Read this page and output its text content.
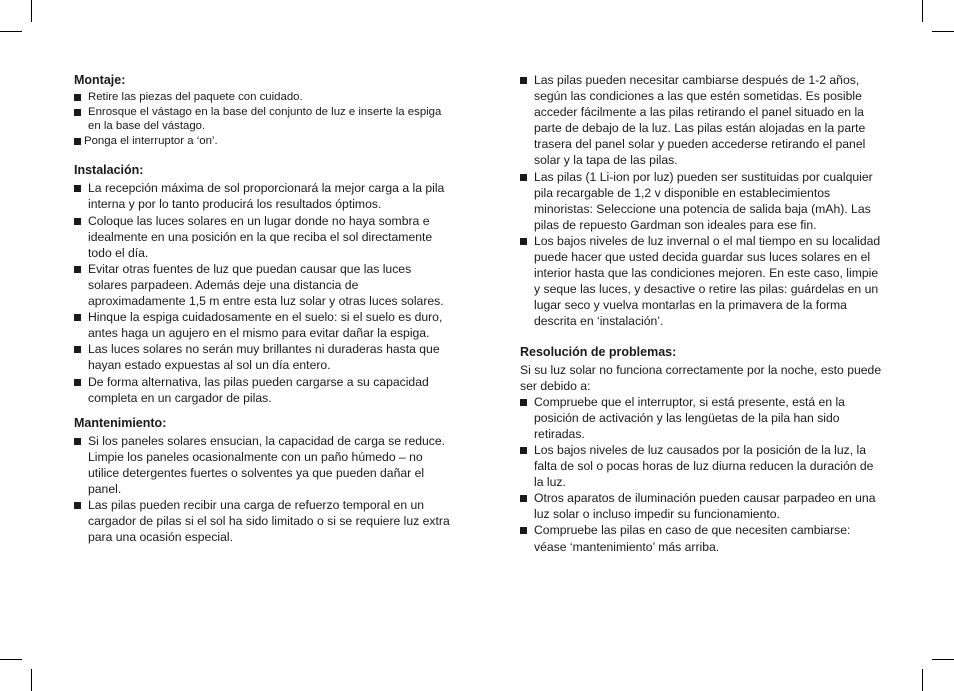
Montaje:
Retire las piezas del paquete con cuidado.
Enrosque el vástago en la base del conjunto de luz e inserte la espiga en la base del vástago.
Ponga el interruptor a ‘on’.
Instalación:
La recepción máxima de sol proporcionará la mejor carga a la pila interna y por lo tanto producirá los resultados óptimos.
Coloque las luces solares en un lugar donde no haya sombra e idealmente en una posición en la que reciba el sol directamente todo el día.
Evitar otras fuentes de luz que puedan causar que las luces solares parpadeen. Además deje una distancia de aproximadamente 1,5 m entre esta luz solar y otras luces solares.
Hinque la espiga cuidadosamente en el suelo: si el suelo es duro, antes haga un agujero en el mismo para evitar dañar la espiga.
Las luces solares no serán muy brillantes ni duraderas hasta que hayan estado expuestas al sol un día entero.
De forma alternativa, las pilas pueden cargarse a su capacidad completa en un cargador de pilas.
Mantenimiento:
Si los paneles solares ensucian, la capacidad de carga se reduce. Limpie los paneles ocasionalmente con un paño húmedo – no utilice detergentes fuertes o solventes ya que pueden dañar el panel.
Las pilas pueden recibir una carga de refuerzo temporal en un cargador de pilas si el sol ha sido limitado o si se requiere luz extra para una ocasión especial.
Las pilas pueden necesitar cambiarse después de 1-2 años, según las condiciones a las que estén sometidas. Es posible acceder fácilmente a las pilas retirando el panel situado en la parte de debajo de la luz. Las pilas están alojadas en la parte trasera del panel solar y pueden accederse retirando el panel solar y la tapa de las pilas.
Las pilas (1 Li-ion por luz) pueden ser sustituidas por cualquier pila recargable de 1,2 v disponible en establecimientos minoristas: Seleccione una potencia de salida baja (mAh). Las pilas de repuesto Gardman son ideales para ese fin.
Los bajos niveles de luz invernal o el mal tiempo en su localidad puede hacer que usted decida guardar sus luces solares en el interior hasta que las condiciones mejoren. En este caso, limpie y seque las luces, y desactive o retire las pilas: guárdelas en un lugar seco y vuelva montarlas en la primavera de la forma descrita en ‘instalación’.
Resolución de problemas:

Si su luz solar no funciona correctamente por la noche, esto puede ser debido a:

Compruebe que el interruptor, si está presente, está en la posición de activación y las lengüetas de la pila han sido retiradas.
Los bajos niveles de luz causados por la posición de la luz, la falta de sol o pocas horas de luz diurna reducen la duración de la luz.
Otros aparatos de iluminación pueden causar parpadeo en una luz solar o incluso impedir su funcionamiento.
Compruebe las pilas en caso de que necesiten cambiarse: véase ‘mantenimiento’ más arriba.
